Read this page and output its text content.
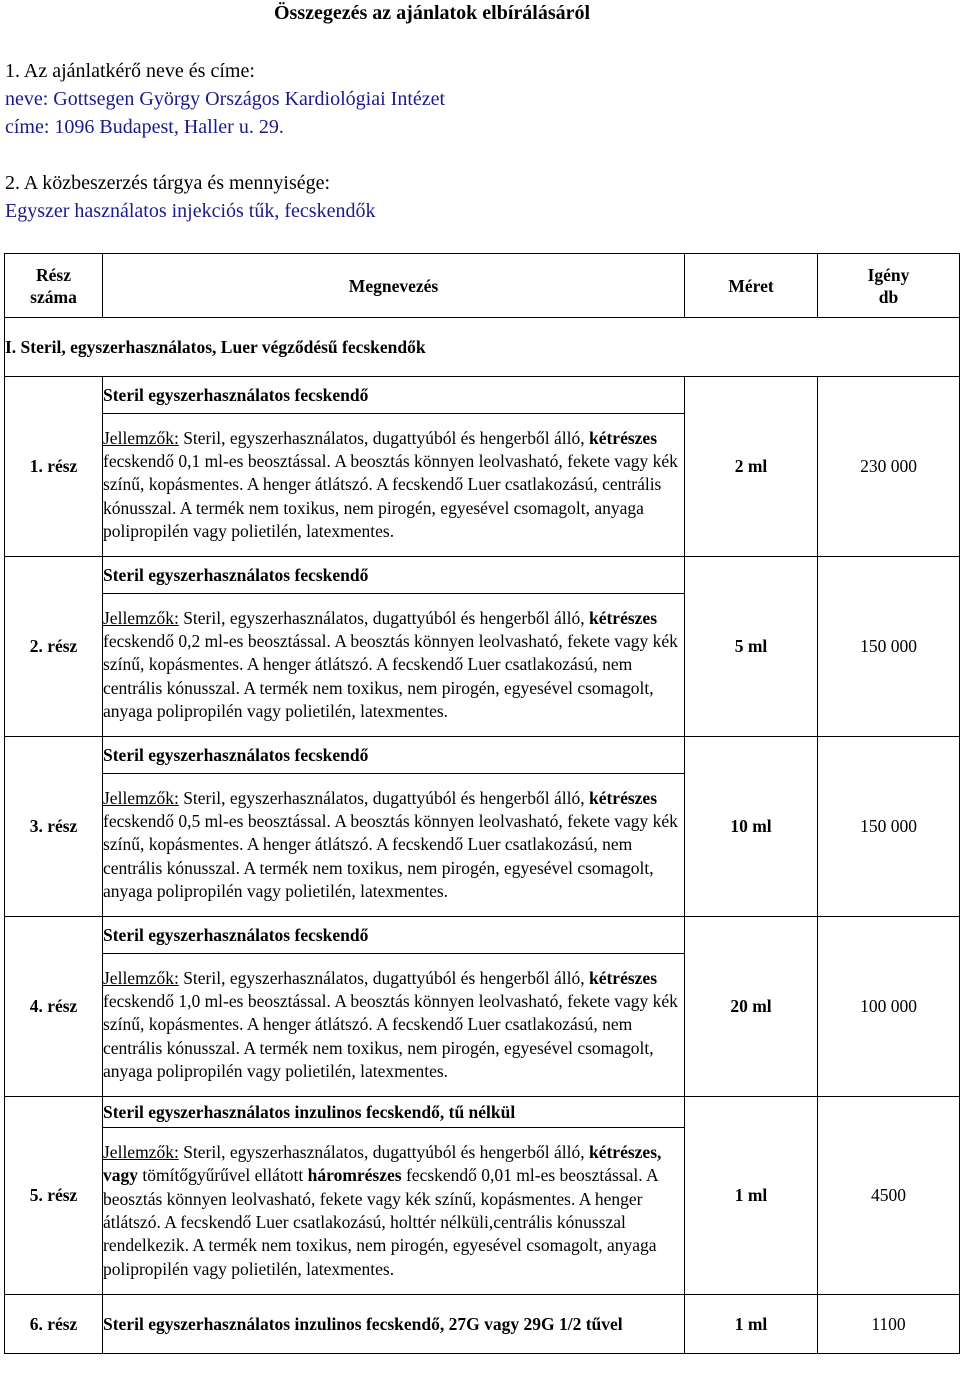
Összegezés az ajánlatok elbírálásáról
1. Az ajánlatkérő neve és címe:
neve: Gottsegen György Országos Kardiológiai Intézet
címe: 1096 Budapest, Haller u. 29.
2. A közbeszerzés tárgya és mennyisége:
Egyszer használatos injekciós tűk, fecskendők
Rész száma	Megnevezés	Méret	Igény db
I. Steril, egyszerhasználatos, Luer végződésű fecskendők			
1. rész	Steril egyszerhasználatos fecskendő	2 ml	230 000
	Jellemzők: Steril, egyszerhasználatos, dugattyúból és hengerből álló, kétrészes fecskendő 0,1 ml-es beosztással. A beosztás könnyen leolvasható, fekete vagy kék színű, kopásmentes. A henger átlátszó. A fecskendő Luer csatlakozású, centrális kónusszal. A termék nem toxikus, nem pirogén, egyesével csomagolt, anyaga polipropilén vagy polietilén, latexmentes.		
2. rész	Steril egyszerhasználatos fecskendő	5 ml	150 000
	Jellemzők: Steril, egyszerhasználatos, dugattyúból és hengerből álló, kétrészes fecskendő 0,2 ml-es beosztással. A beosztás könnyen leolvasható, fekete vagy kék színű, kopásmentes. A henger átlátszó. A fecskendő Luer csatlakozású, nem centrális kónusszal. A termék nem toxikus, nem pirogén, egyesével csomagolt, anyaga polipropilén vagy polietilén, latexmentes.		
3. rész	Steril egyszerhasználatos fecskendő	10 ml	150 000
	Jellemzők: Steril, egyszerhasználatos, dugattyúból és hengerből álló, kétrészes fecskendő 0,5 ml-es beosztással. A beosztás könnyen leolvasható, fekete vagy kék színű, kopásmentes. A henger átlátszó. A fecskendő Luer csatlakozású, nem centrális kónusszal. A termék nem toxikus, nem pirogén, egyesével csomagolt, anyaga polipropilén vagy polietilén, latexmentes.		
4. rész	Steril egyszerhasználatos fecskendő	20 ml	100 000
	Jellemzők: Steril, egyszerhasználatos, dugattyúból és hengerből álló, kétrészes fecskendő 1,0 ml-es beosztással. A beosztás könnyen leolvasható, fekete vagy kék színű, kopásmentes. A henger átlátszó. A fecskendő Luer csatlakozású, nem centrális kónusszal. A termék nem toxikus, nem pirogén, egyesével csomagolt, anyaga polipropilén vagy polietilén, latexmentes.		
5. rész	Steril egyszerhasználatos inzulinos fecskendő, tű nélkül	1 ml	4500
	Jellemzők: Steril, egyszerhasználatos, dugattyúból és hengerből álló, kétrészes, vagy tömítőgyűrűvel ellátott háromrészes fecskendő 0,01 ml-es beosztással. A beosztás könnyen leolvasható, fekete vagy kék színű, kopásmentes. A henger átlátszó. A fecskendő Luer csatlakozású, holttér nélküli,centrális kónusszal rendelkezik. A termék nem toxikus, nem pirogén, egyesével csomagolt, anyaga polipropilén vagy polietilén, latexmentes.		
6. rész	Steril egyszerhasználatos inzulinos fecskendő, 27G vagy 29G 1/2 tűvel	1 ml	1100
